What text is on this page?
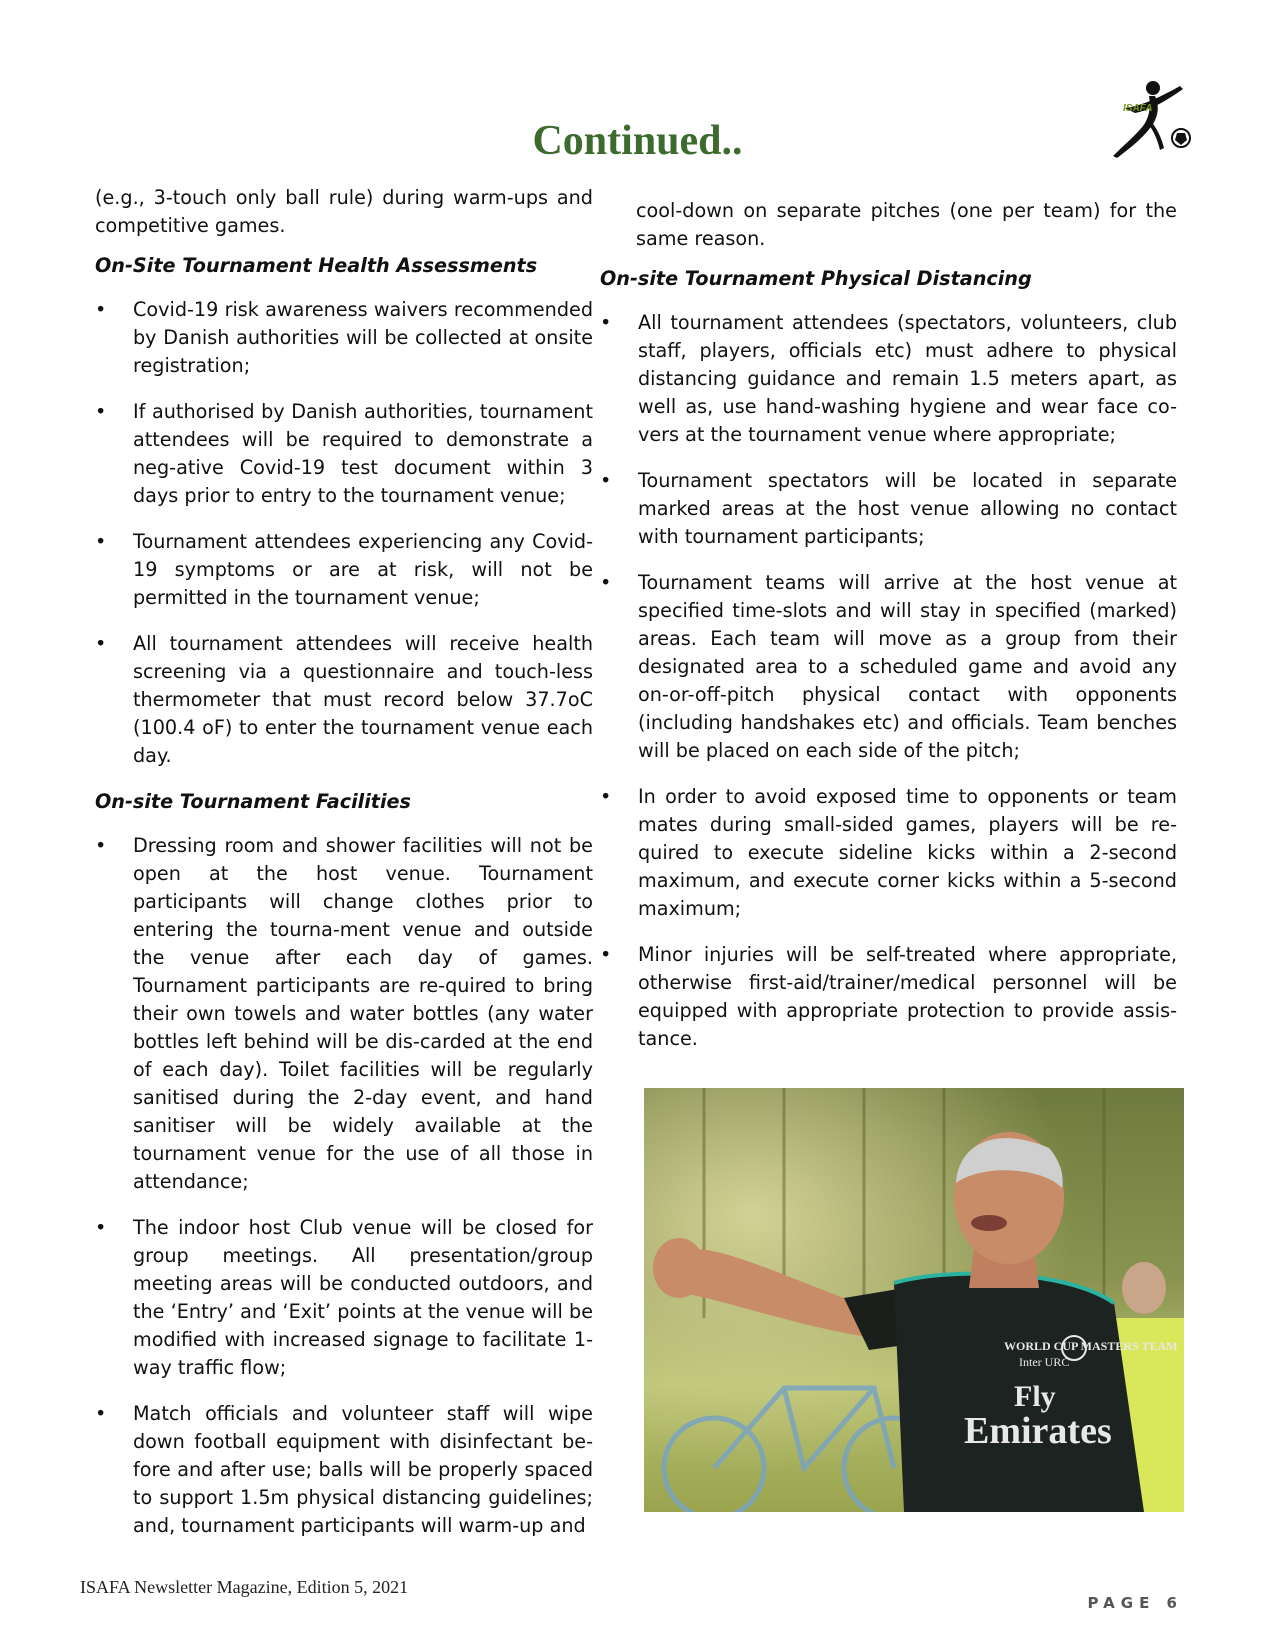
Continued..
ISAFA

(e.g., 3-touch only ball rule) during warm-ups and competitive games.

On-Site Tournament Health Assessments
•	Covid-19 risk awareness waivers recommended by Danish authorities will be collected at onsite registration;
•	If authorised by Danish authorities, tournament attendees will be required to demonstrate a neg-ative Covid-19 test document within 3 days prior to entry to the tournament venue;
•	Tournament attendees experiencing any Covid-19 symptoms or are at risk, will not be permitted in the tournament venue;
•	All tournament attendees will receive health screening via a questionnaire and touch-less thermometer that must record below 37.7oC (100.4 oF) to enter the tournament venue each day.
On-site Tournament Facilities
•	Dressing room and shower facilities will not be open at the host venue. Tournament participants will change clothes prior to entering the tourna-ment venue and outside the venue after each day of games. Tournament participants are re-quired to bring their own towels and water bottles (any water bottles left behind will be dis-carded at the end of each day). Toilet facilities will be regularly sanitised during the 2-day event, and hand sanitiser will be widely available at the tournament venue for the use of all those in attendance;
•	The indoor host Club venue will be closed for group meetings. All presentation/group meeting areas will be conducted outdoors, and the ‘Entry’ and ‘Exit’ points at the venue will be modified with increased signage to facilitate 1-way traffic flow;
•	Match officials and volunteer staff will wipe down football equipment with disinfectant be-fore and after use; balls will be properly spaced to support 1.5m physical distancing guidelines; and, tournament participants will warm-up and

cool-down on separate pitches (one per team) for the same reason.

On-site Tournament Physical Distancing
•	All tournament attendees (spectators, volunteers, club staff, players, officials etc) must adhere to physical distancing guidance and remain 1.5 meters apart, as well as, use hand-washing hygiene and wear face co-vers at the tournament venue where appropriate;
•	Tournament spectators will be located in separate marked areas at the host venue allowing no contact with tournament participants;
•	Tournament teams will arrive at the host venue at specified time-slots and will stay in specified (marked) areas. Each team will move as a group from their designated area to a scheduled game and avoid any on-or-off-pitch physical contact with opponents (including handshakes etc) and officials. Team benches will be placed on each side of the pitch;
•	In order to avoid exposed time to opponents or team mates during small-sided games, players will be re-quired to execute sideline kicks within a 2-second maximum, and execute corner kicks within a 5-second maximum;
•	Minor injuries will be self-treated where appropriate, otherwise first-aid/trainer/medical personnel will be equipped with appropriate protection to provide assis-tance.
WORLD CUP MASTERS TEAM
Inter URC
Fly
Emirates
ISAFA Newsletter Magazine, Edition 5, 2021
PAGE 6
